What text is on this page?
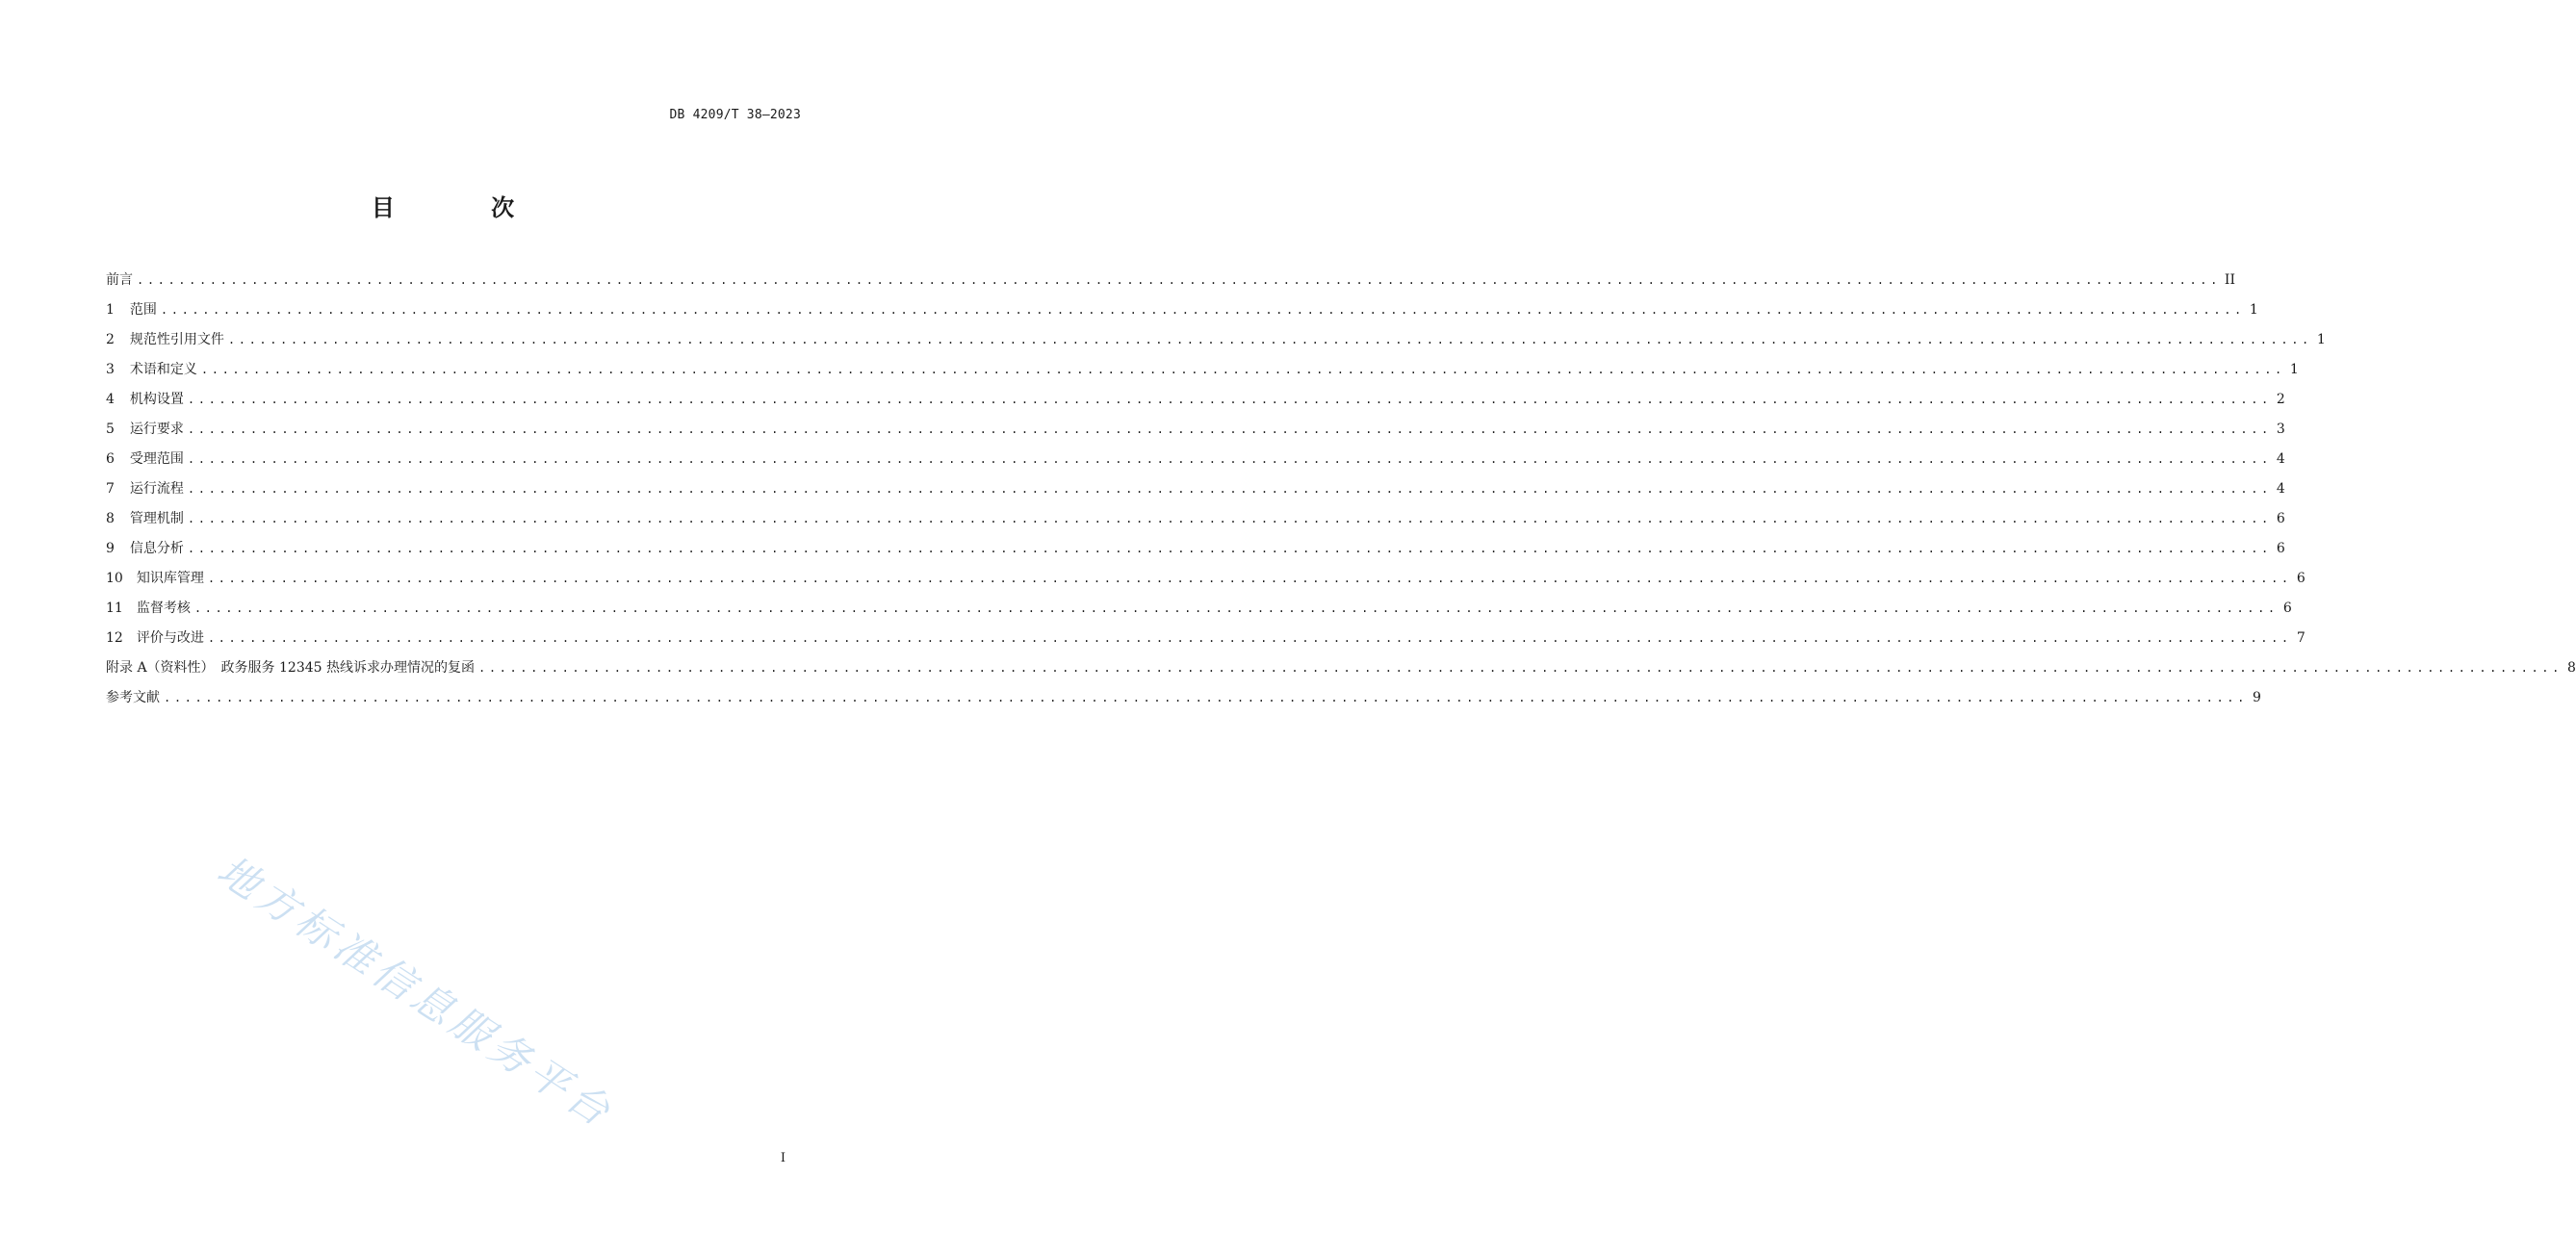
DB 4209/T 38—2023
目 次
前言 ........................................................................................................................................................................................................ II
1 范围 ........................................................................................................................................................................................................ 1
2 规范性引用文件 ........................................................................................................................................................................................................ 1
3 术语和定义 ........................................................................................................................................................................................................ 1
4 机构设置 ........................................................................................................................................................................................................ 2
5 运行要求 ........................................................................................................................................................................................................ 3
6 受理范围 ........................................................................................................................................................................................................ 4
7 运行流程 ........................................................................................................................................................................................................ 4
8 管理机制 ........................................................................................................................................................................................................ 6
9 信息分析 ........................................................................................................................................................................................................ 6
10 知识库管理 ........................................................................................................................................................................................................ 6
11 监督考核 ........................................................................................................................................................................................................ 6
12 评价与改进 ........................................................................................................................................................................................................ 7
附录 A（资料性）　政务服务 12345 热线诉求办理情况的复函 ........................................................................................................................................................................................................ 8
参考文献 ........................................................................................................................................................................................................ 9
地方标准信息服务平台
I
